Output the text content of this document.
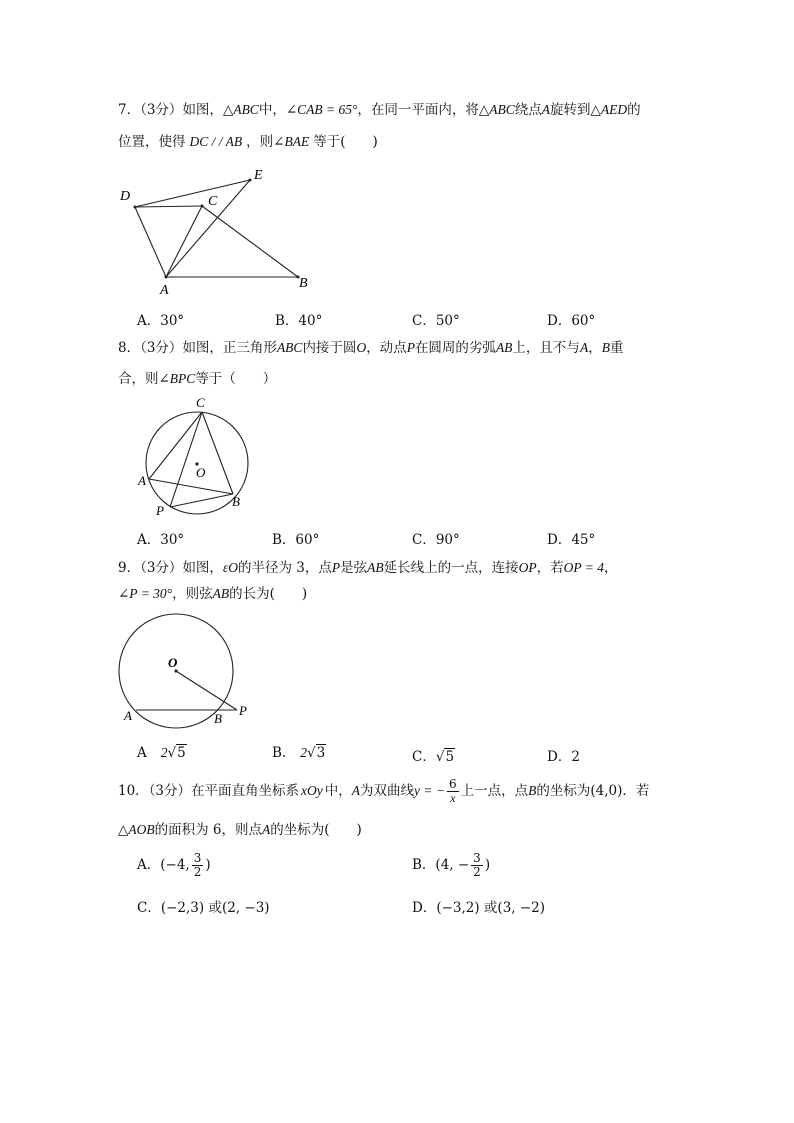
7．（3分）如图，△ABC中，∠CAB = 65°，在同一平面内，将△ABC绕点A旋转到△AED的
位置，使得 DC / / AB ，则∠BAE 等于(　　)
D
E
C
A	B
A．30°	B．40°	C．50°	D．60°
8．（3分）如图，正三角形ABC内接于圆O，动点P在圆周的劣弧AB上，且不与A，B重
合，则∠BPC等于（　　）
C
O
A
B
P
A．30°	B．60°	C．90°	D．45°
9．（3分）如图，εO的半径为 3，点P是弦AB延长线上的一点，连接OP，若OP = 4，
∠P = 30°，则弦AB的长为(　　)
O
A	B
P
A 2√5	B. 2√3	C．√5	D．2
10．（3分）在平面直角坐标系 xOy 中，A为双曲线y = − $\frac{6}{x}$ 上一点，点B的坐标为(4,0)．若
△AOB的面积为 6，则点A的坐标为(　　)
A．(−4, $\frac{3}{2}$ )	B．(4, − $\frac{3}{2}$ )
C．(−2,3) 或(2, −3)	D．(−3,2) 或(3, −2)
